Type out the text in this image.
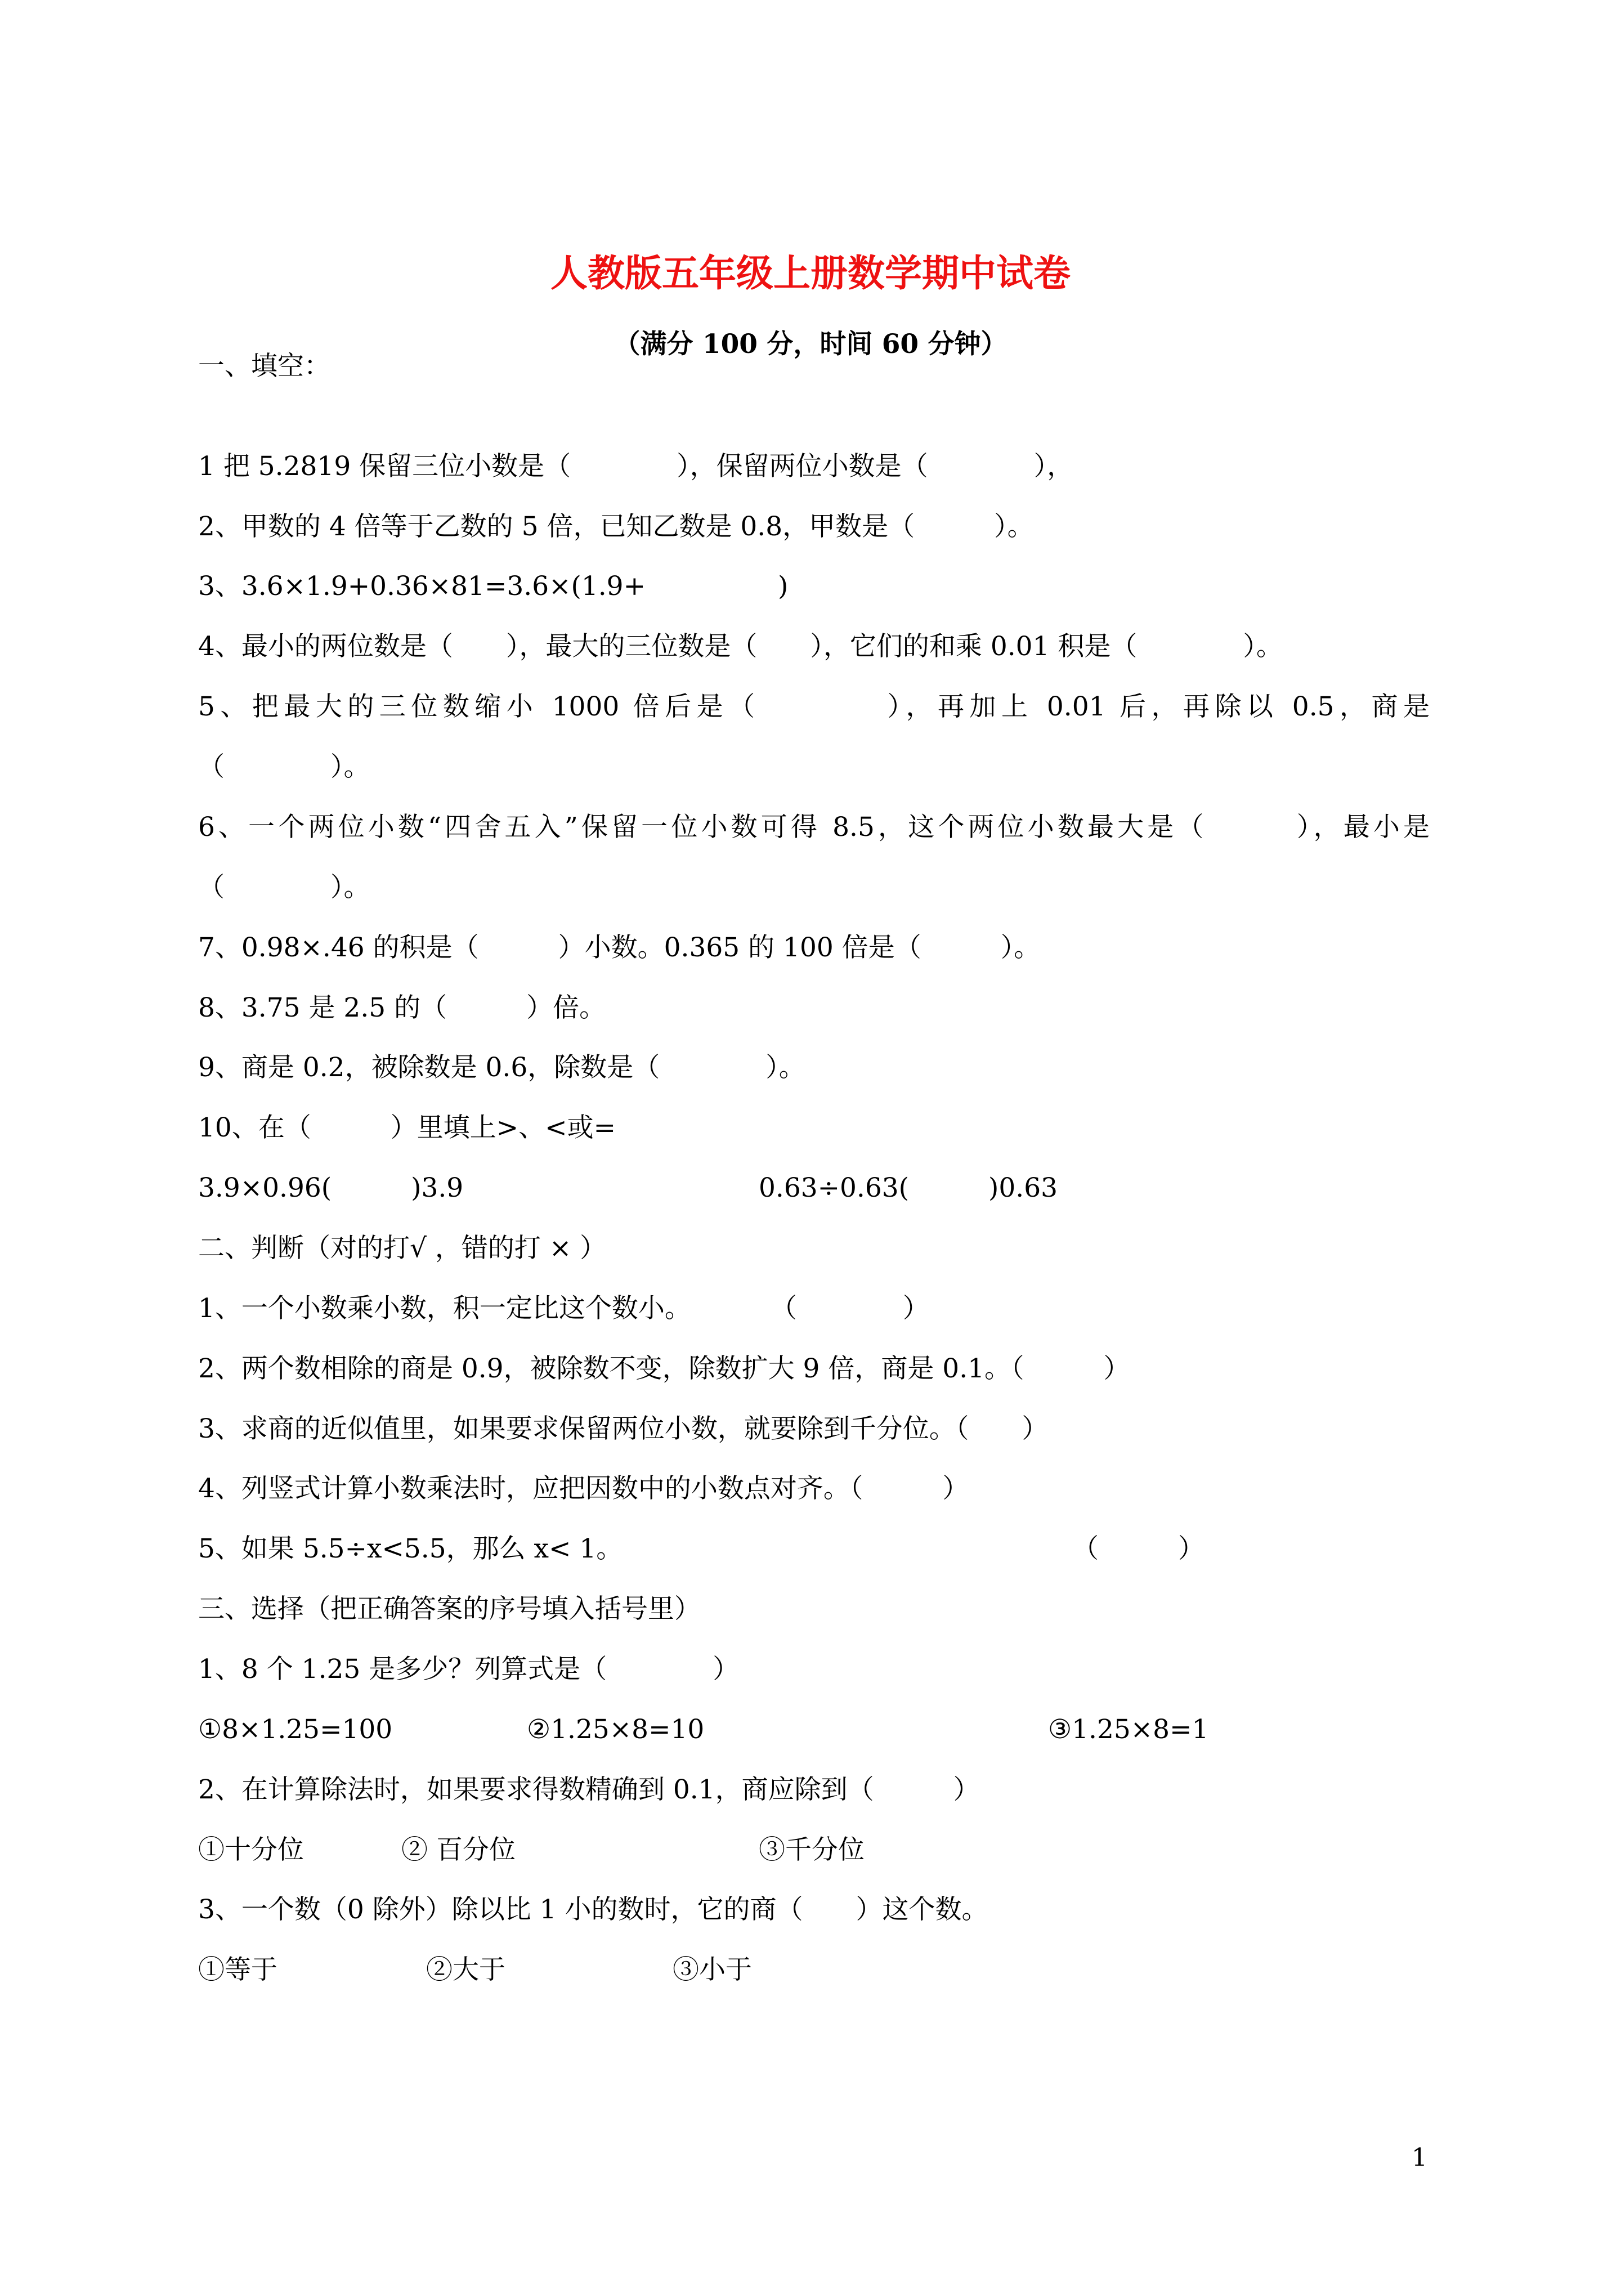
人教版五年级上册数学期中试卷
（满分 100 分，时间 60 分钟）
一、填空：
1 把 5.2819 保留三位小数是（　　　　），保留两位小数是（　　　　），
2、甲数的 4 倍等于乙数的 5 倍，已知乙数是 0.8，甲数是（　　　）。
3、3.6×1.9+0.36×81=3.6×(1.9+　　　　　)
4、最小的两位数是（　　），最大的三位数是（　　），它们的和乘 0.01 积是（　　　　）。
5、把最大的三位数缩小 1000 倍后是（　　　　），再加上 0.01 后，再除以 0.5，商是
（　　　　）。
6、一个两位小数“四舍五入”保留一位小数可得 8.5，这个两位小数最大是（　　　），最小是
（　　　　）。
7、0.98×.46 的积是（　　　）小数。0.365 的 100 倍是（　　　）。
8、3.75 是 2.5 的（　　　）倍。
9、商是 0.2，被除数是 0.6，除数是（　　　　）。
10、在（　　　）里填上>、<或=
3.9×0.96(　　　)3.9	0.63÷0.63(　　　)0.63
二、判断（对的打√ ，错的打 × ）
1、一个小数乘小数，积一定比这个数小。　　　　（　　　　）
2、两个数相除的商是 0.9，被除数不变，除数扩大 9 倍，商是 0.1。（　　　）
3、求商的近似值里，如果要求保留两位小数，就要除到千分位。（　　）
4、列竖式计算小数乘法时，应把因数中的小数点对齐。（　　　）
5、如果 5.5÷x<5.5，那么 x< 1。	（　　　）
三、选择（把正确答案的序号填入括号里）
1、8 个 1.25 是多少？列算式是（　　　　）
①8×1.25=100	②1.25×8=10	③1.25×8=1
2、在计算除法时，如果要求得数精确到 0.1，商应除到（　　　）
①十分位	② 百分位	③千分位
3、一个数（0 除外）除以比 1 小的数时，它的商（　　）这个数。
①等于	②大于	③小于
1
